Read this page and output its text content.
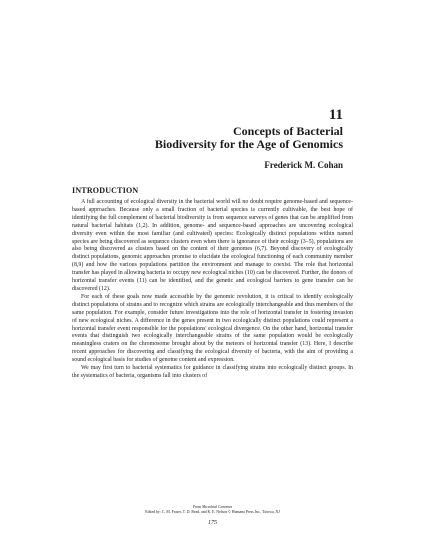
11
Concepts of Bacterial
Biodiversity for the Age of Genomics
Frederick M. Cohan
INTRODUCTION

A full accounting of ecological diversity in the bacterial world will no doubt require genome-based and sequence-based approaches. Because only a small fraction of bacterial species is currently cultivable, the best hope of identifying the full complement of bacterial biodiversity is from sequence surveys of genes that can be amplified from natural bacterial habitats (1,2). In addition, genome- and sequence-based approaches are uncovering ecological diversity even within the most familiar (and cultivated) species: Ecologically distinct populations within named species are being discovered as sequence clusters even when there is ignorance of their ecology (3–5), populations are also being discovered as clusters based on the content of their genomes (6,7). Beyond discovery of ecologically distinct populations, genomic approaches promise to elucidate the ecological functioning of each community member (8,9) and how the various populations partition the environment and manage to coexist. The role that horizontal transfer has played in allowing bacteria to occupy new ecological niches (10) can be discovered. Further, the donors of horizontal transfer events (11) can be identified, and the genetic and ecological barriers to gene transfer can be discovered (12).

For each of these goals now made accessible by the genomic revolution, it is critical to identify ecologically distinct populations of strains and to recognize which strains are ecologically interchangeable and thus members of the same population. For example, consider future investigations into the role of horizontal transfer in fostering invasion of new ecological niches. A difference in the genes present in two ecologically distinct populations could represent a horizontal transfer event responsible for the populations' ecological divergence. On the other hand, horizontal transfer events that distinguish two ecologically interchangeable strains of the same population would be ecologically meaningless craters on the chromosome brought about by the meteors of horizontal transfer (13). Here, I describe recent approaches for discovering and classifying the ecological diversity of bacteria, with the aim of providing a sound ecological basis for studies of genome content and expression.

We may first turn to bacterial systematics for guidance in classifying strains into ecologically distinct groups. In the systematics of bacteria, organisms fall into clusters of

From Microbial Genomes
Edited by: C. M. Fraser, T. D. Read, and K. E. Nelson © Humana Press Inc., Totowa, NJ
175
